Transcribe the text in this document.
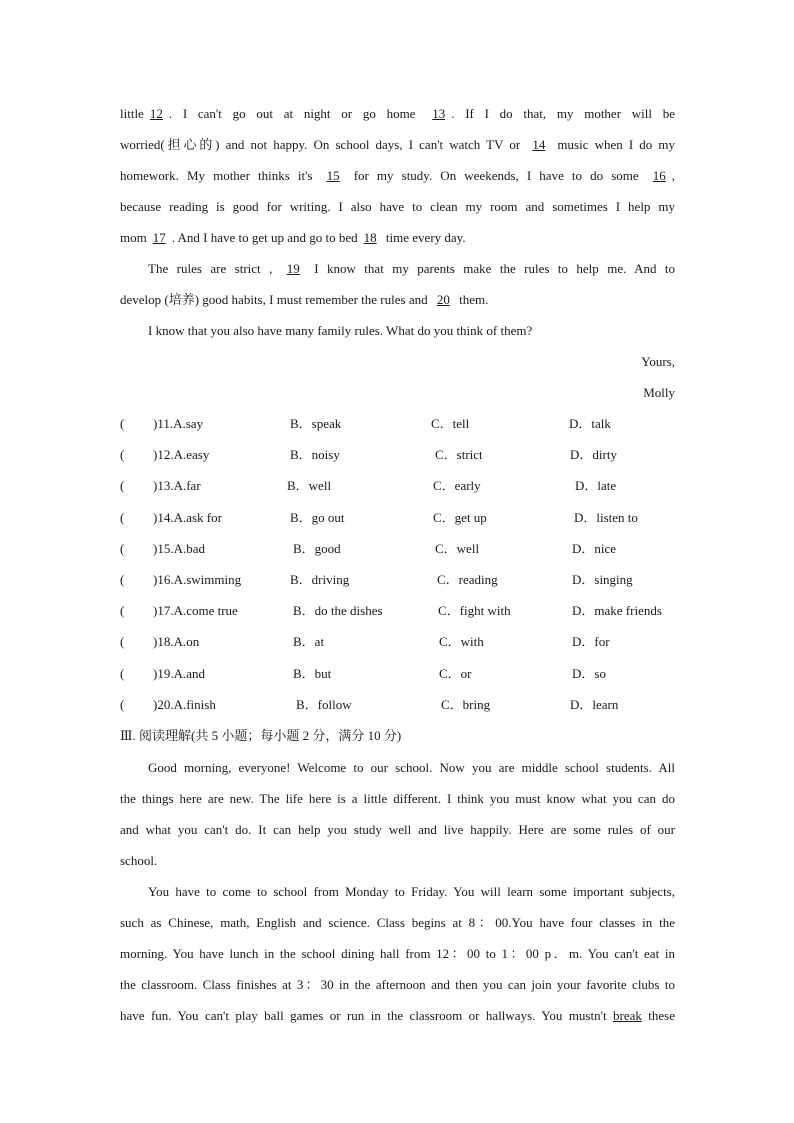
little 12 . I can't go out at night or go home 13 . If I do that, my mother will be
worried(担心的) and not happy. On school days, I can't watch TV or 14 music when I do my
homework. My mother thinks it's 15 for my study. On weekends, I have to do some 16 ,
because reading is good for writing. I also have to clean my room and sometimes I help my
mom 17 . And I have to get up and go to bed 18 time every day.
The rules are strict , 19 I know that my parents make the rules to help me. And to
develop (培养) good habits, I must remember the rules and 20 them.
I know that you also have many family rules. What do you think of them?
Yours,
Molly
( )11.A.say	B．speak	C．tell	D．talk
( )12.A.easy	B．noisy	C．strict	D．dirty
( )13.A.far	B．well	C．early	D．late
( )14.A.ask for	B．go out	C．get up	D．listen to
( )15.A.bad	B．good	C．well	D．nice
( )16.A.swimming	B．driving	C．reading	D．singing
( )17.A.come true	B．do the dishes	C．fight with	D．make friends
( )18.A.on	B．at	C．with	D．for
( )19.A.and	B．but	C．or	D．so
( )20.A.finish	B．follow	C．bring	D．learn
Ⅲ. 阅读理解(共 5 小题；每小题 2 分，满分 10 分)
Good morning, everyone! Welcome to our school. Now you are middle school students. All
the things here are new. The life here is a little different. I think you must know what you can do
and what you can't do. It can help you study well and live happily. Here are some rules of our
school.
You have to come to school from Monday to Friday. You will learn some important subjects,
such as Chinese, math, English and science. Class begins at 8：00.You have four classes in the
morning. You have lunch in the school dining hall from 12：00 to 1：00 p．m. You can't eat in
the classroom. Class finishes at 3：30 in the afternoon and then you can join your favorite clubs to
have fun. You can't play ball games or run in the classroom or hallways. You mustn't break these
